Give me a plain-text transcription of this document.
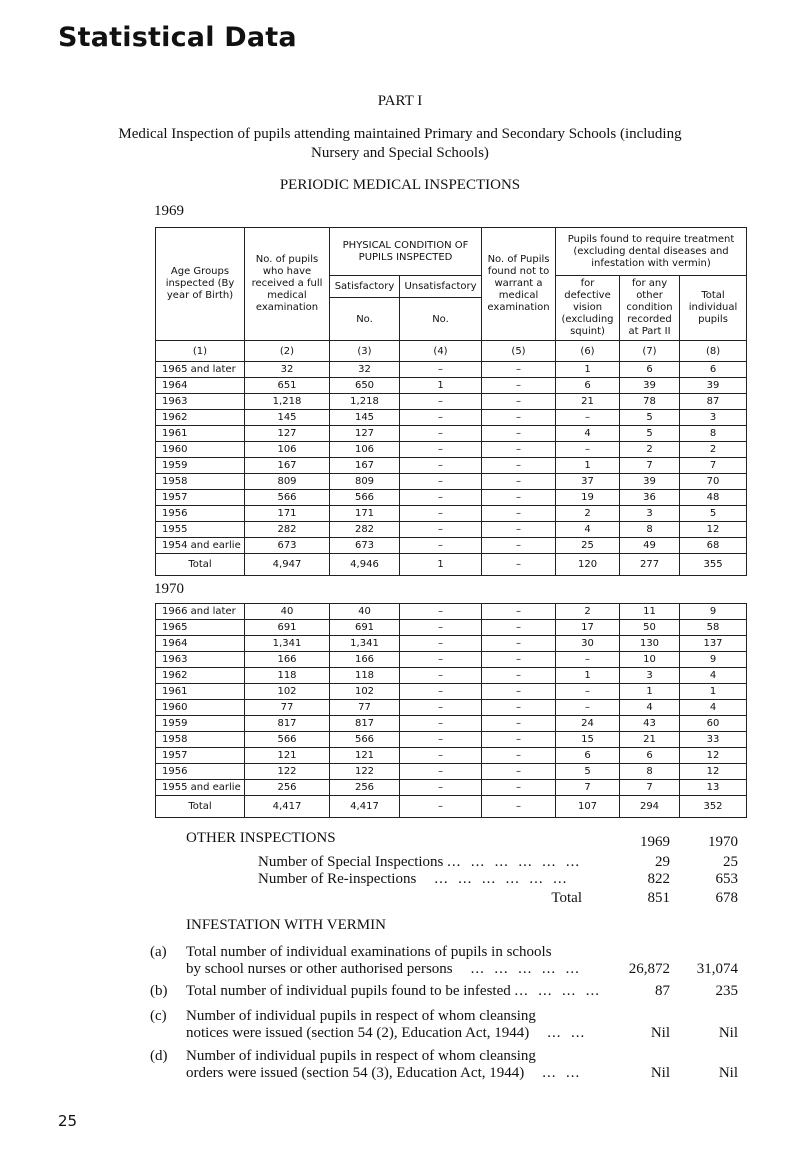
Statistical Data
PART I
Medical Inspection of pupils attending maintained Primary and Secondary Schools (including
Nursery and Special Schools)
PERIODIC MEDICAL INSPECTIONS
1969
Age Groups inspected (By year of Birth)	No. of pupils who have received a full medical examination	PHYSICAL CONDITION OF PUPILS INSPECTED		No. of Pupils found not to warrant a medical examination	Pupils found to require treatment (excluding dental diseases and infestation with vermin)		
		Satisfactory	Unsatisfactory		for defective vision (excluding squint)	for any other condition recorded at Part II	Total individual pupils
		No.	No.				
(1)	(2)	(3)	(4)	(5)	(6)	(7)	(8)
1965 and later	32	32	–	–	1	6	6
1964	651	650	1	–	6	39	39
1963	1,218	1,218	–	–	21	78	87
1962	145	145	–	–	–	5	3
1961	127	127	–	–	4	5	8
1960	106	106	–	–	–	2	2
1959	167	167	–	–	1	7	7
1958	809	809	–	–	37	39	70
1957	566	566	–	–	19	36	48
1956	171	171	–	–	2	3	5
1955	282	282	–	–	4	8	12
1954 and earlie	673	673	–	–	25	49	68
Total	4,947	4,946	1	–	120	277	355
1970
1966 and later	40	40	–	–	2	11	9
1965	691	691	–	–	17	50	58
1964	1,341	1,341	–	–	30	130	137
1963	166	166	–	–	–	10	9
1962	118	118	–	–	1	3	4
1961	102	102	–	–	–	1	1
1960	77	77	–	–	–	4	4
1959	817	817	–	–	24	43	60
1958	566	566	–	–	15	21	33
1957	121	121	–	–	6	6	12
1956	122	122	–	–	5	8	12
1955 and earlie	256	256	–	–	7	7	13
Total	4,417	4,417	–	–	107	294	352
OTHER INSPECTIONS	1969	1970
Number of Special Inspections ...  ...  ...  ...  ...  ...	29	25
Number of Re-inspections    ...  ...  ...  ...  ...  ...	822	653
Total	851	678
INFESTATION WITH VERMIN
(a) Total number of individual examinations of pupils in schools
by school nurses or other authorised persons    ...  ...  ...  ...  ...	26,872	31,074
(b) Total number of individual pupils found to be infested ...  ...  ...  ...	87	235
(c) Number of individual pupils in respect of whom cleansing
notices were issued (section 54 (2), Education Act, 1944)    ...  ...	Nil	Nil
(d) Number of individual pupils in respect of whom cleansing
orders were issued (section 54 (3), Education Act, 1944)    ...  ...	Nil	Nil
25
